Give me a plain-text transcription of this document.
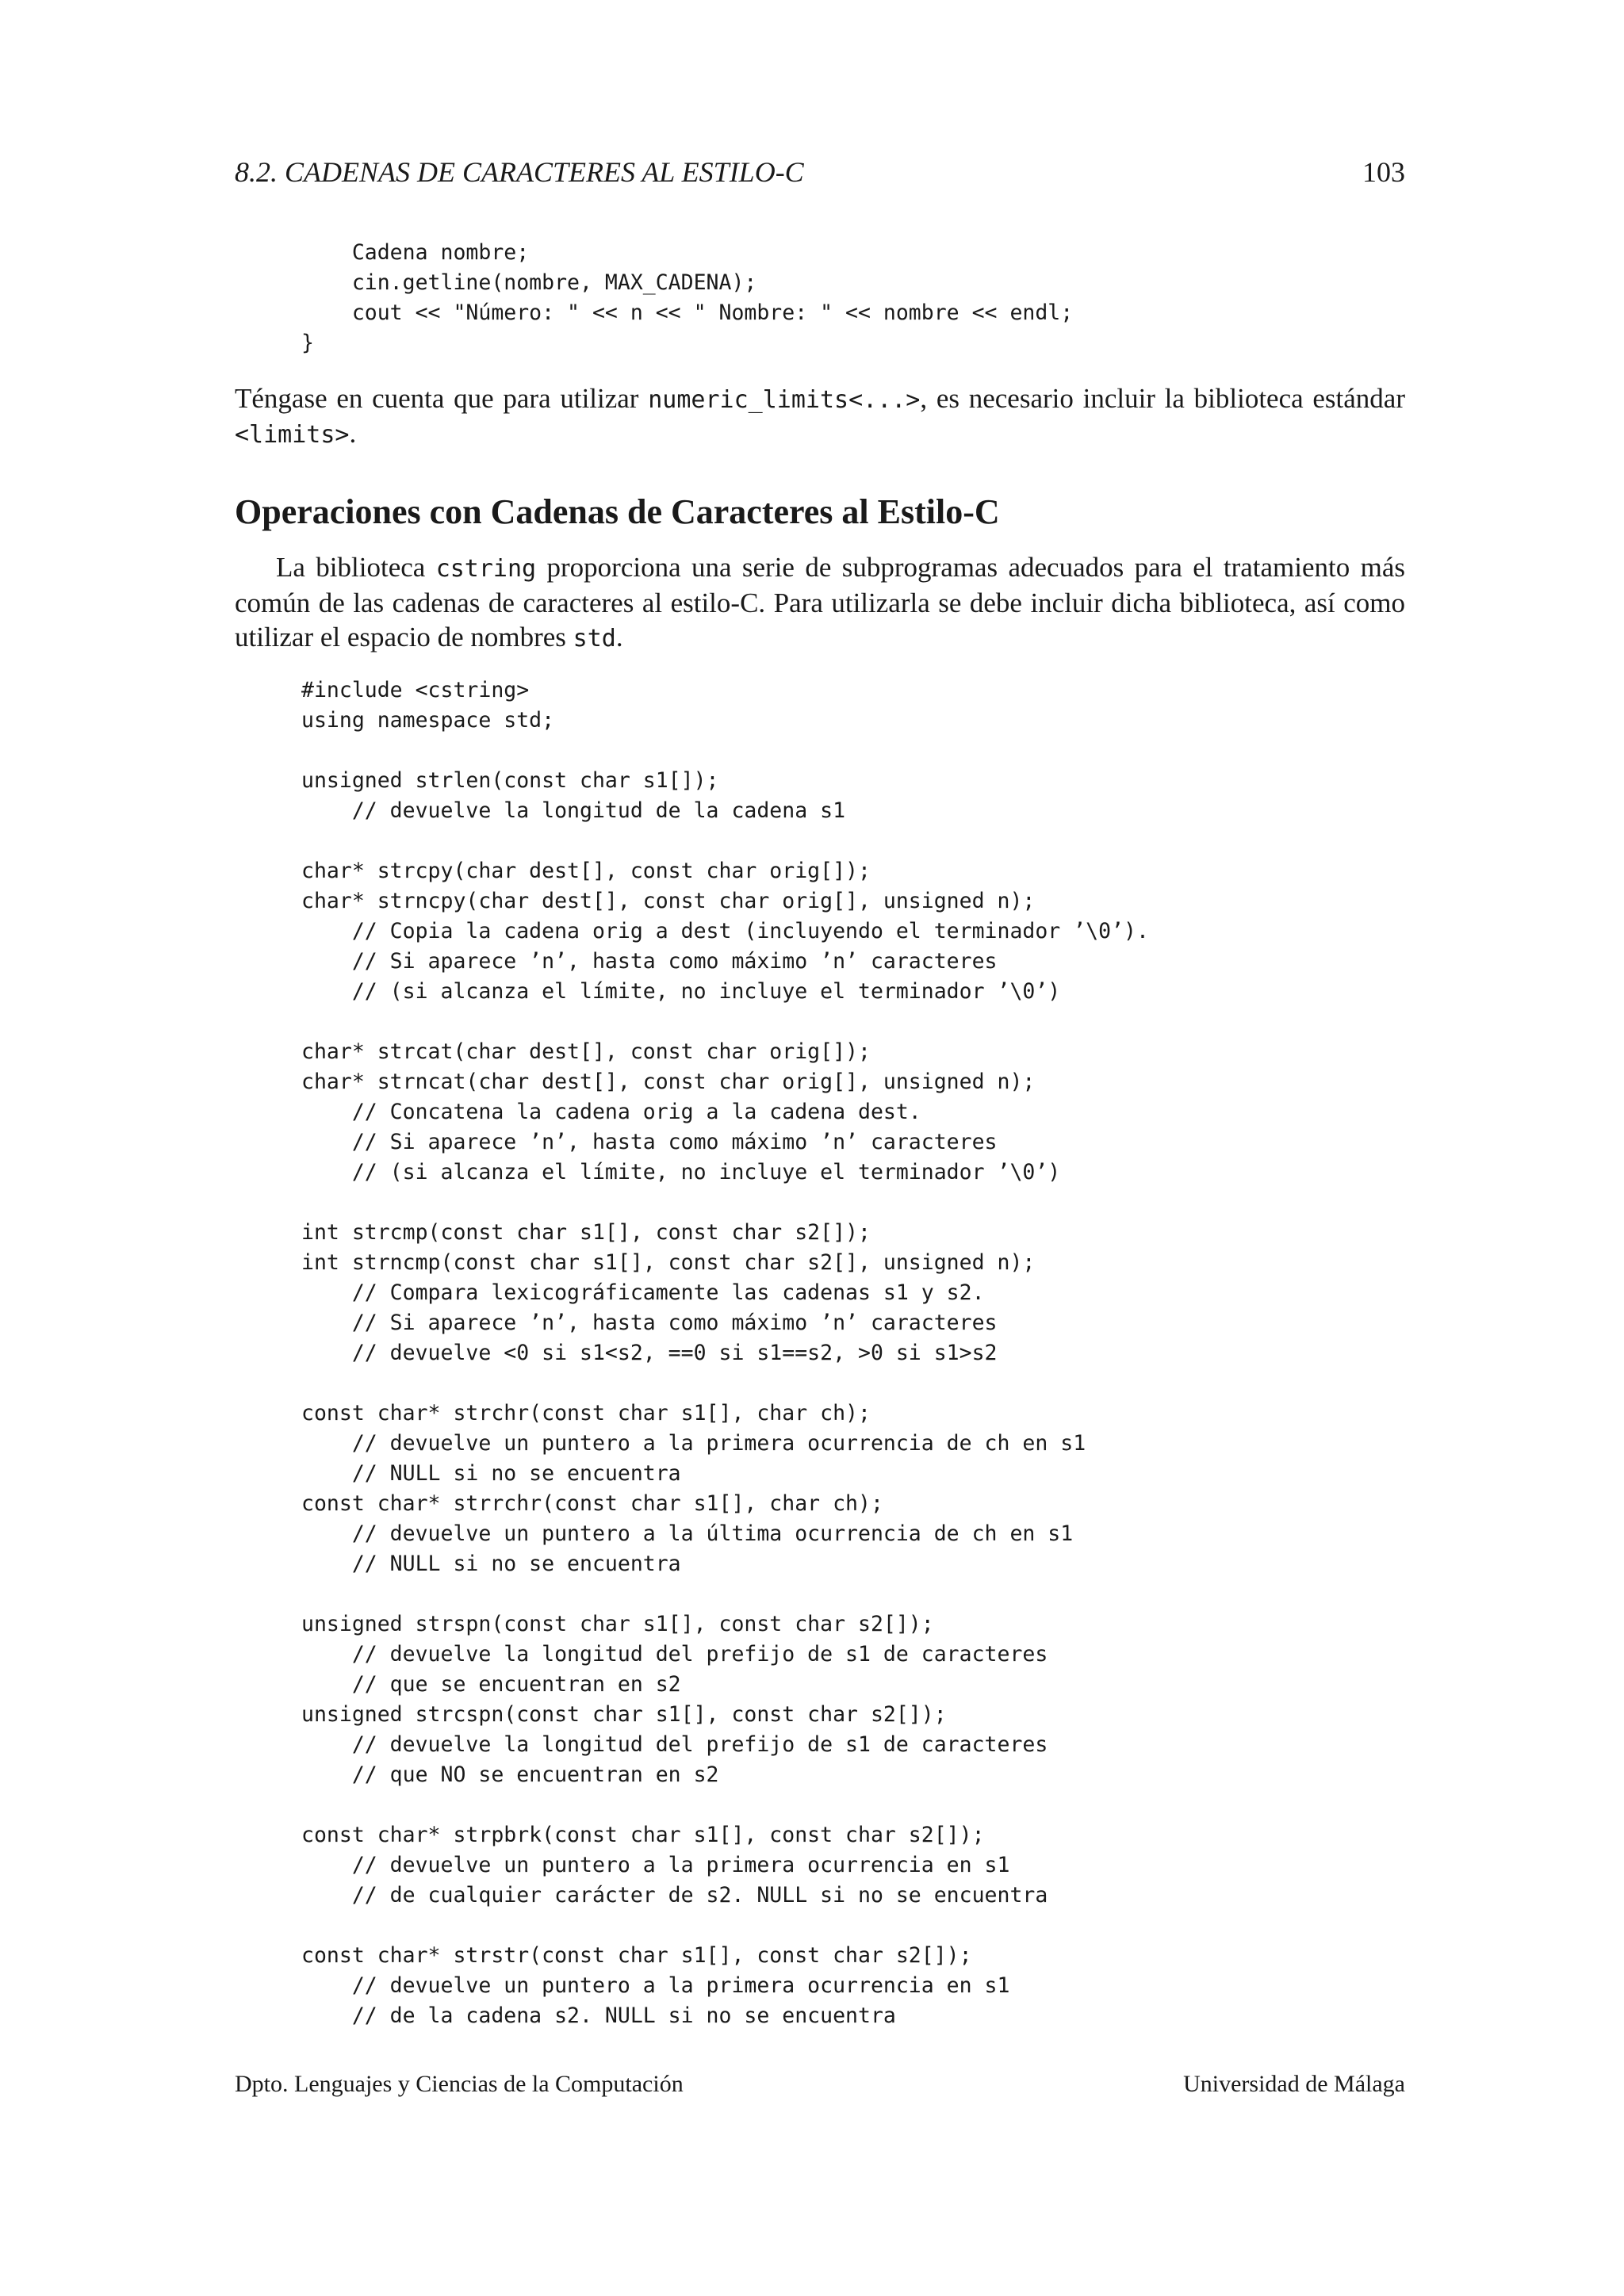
8.2. CADENAS DE CARACTERES AL ESTILO-C	103
Cadena nombre;
cin.getline(nombre, MAX_CADENA);
cout << "Número: " << n << " Nombre: " << nombre << endl;
}

Téngase en cuenta que para utilizar numeric_limits<...>, es necesario incluir la biblioteca estándar <limits>.

Operaciones con Cadenas de Caracteres al Estilo-C

La biblioteca cstring proporciona una serie de subprogramas adecuados para el tratamiento más común de las cadenas de caracteres al estilo-C. Para utilizarla se debe incluir dicha biblioteca, así como utilizar el espacio de nombres std.

#include <cstring>
using namespace std;

unsigned strlen(const char s1[]);
// devuelve la longitud de la cadena s1

char* strcpy(char dest[], const char orig[]);
char* strncpy(char dest[], const char orig[], unsigned n);
// Copia la cadena orig a dest (incluyendo el terminador ’\0’).
// Si aparece ’n’, hasta como máximo ’n’ caracteres
// (si alcanza el límite, no incluye el terminador ’\0’)

char* strcat(char dest[], const char orig[]);
char* strncat(char dest[], const char orig[], unsigned n);
// Concatena la cadena orig a la cadena dest.
// Si aparece ’n’, hasta como máximo ’n’ caracteres
// (si alcanza el límite, no incluye el terminador ’\0’)

int strcmp(const char s1[], const char s2[]);
int strncmp(const char s1[], const char s2[], unsigned n);
// Compara lexicográficamente las cadenas s1 y s2.
// Si aparece ’n’, hasta como máximo ’n’ caracteres
// devuelve <0 si s1<s2, ==0 si s1==s2, >0 si s1>s2

const char* strchr(const char s1[], char ch);
// devuelve un puntero a la primera ocurrencia de ch en s1
// NULL si no se encuentra
const char* strrchr(const char s1[], char ch);
// devuelve un puntero a la última ocurrencia de ch en s1
// NULL si no se encuentra

unsigned strspn(const char s1[], const char s2[]);
// devuelve la longitud del prefijo de s1 de caracteres
// que se encuentran en s2
unsigned strcspn(const char s1[], const char s2[]);
// devuelve la longitud del prefijo de s1 de caracteres
// que NO se encuentran en s2

const char* strpbrk(const char s1[], const char s2[]);
// devuelve un puntero a la primera ocurrencia en s1
// de cualquier carácter de s2. NULL si no se encuentra

const char* strstr(const char s1[], const char s2[]);
// devuelve un puntero a la primera ocurrencia en s1
// de la cadena s2. NULL si no se encuentra
Dpto. Lenguajes y Ciencias de la Computación	Universidad de Málaga
